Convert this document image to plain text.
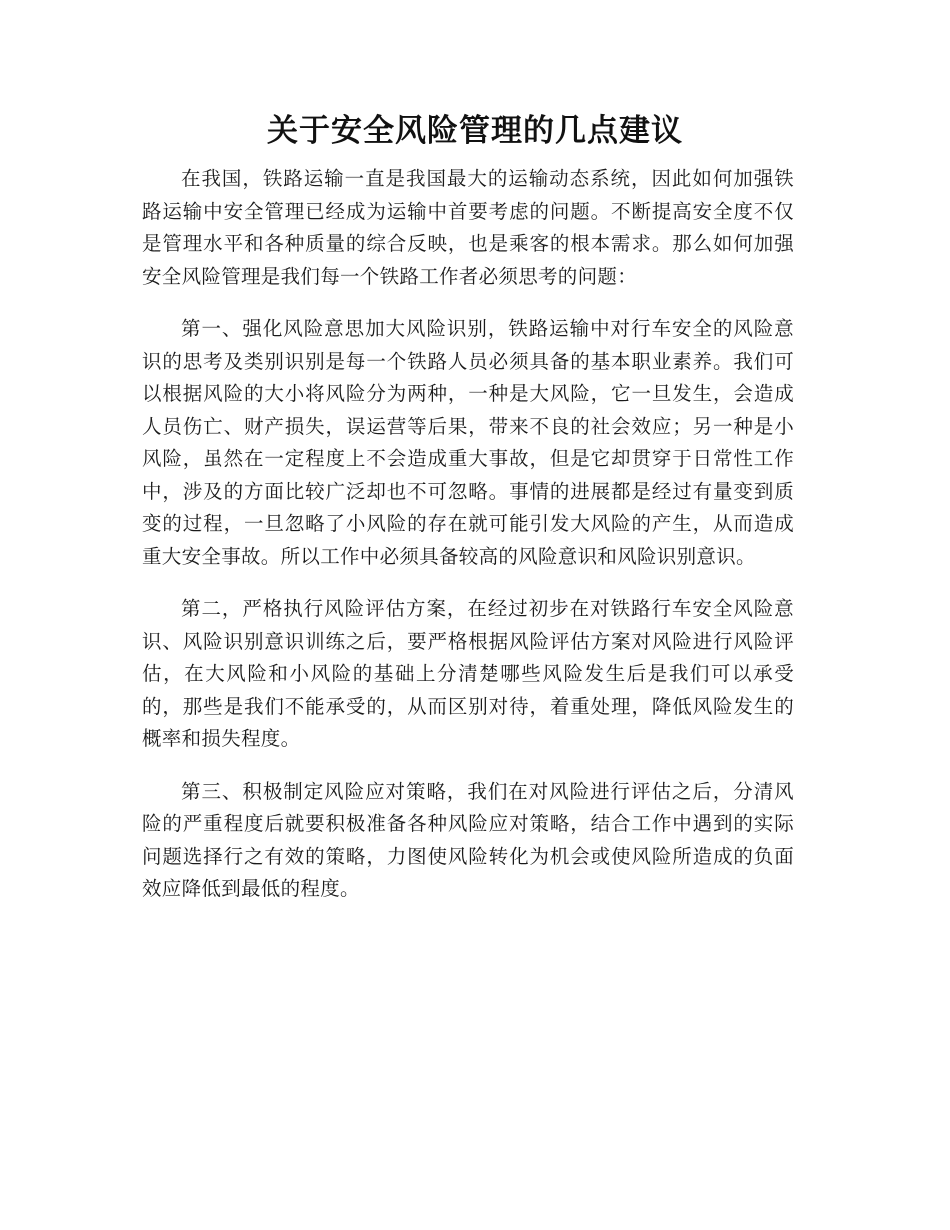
关于安全风险管理的几点建议

在我国，铁路运输一直是我国最大的运输动态系统，因此如何加强铁路运输中安全管理已经成为运输中首要考虑的问题。不断提高安全度不仅是管理水平和各种质量的综合反映，也是乘客的根本需求。那么如何加强安全风险管理是我们每一个铁路工作者必须思考的问题：

第一、强化风险意思加大风险识别，铁路运输中对行车安全的风险意识的思考及类别识别是每一个铁路人员必须具备的基本职业素养。我们可以根据风险的大小将风险分为两种，一种是大风险，它一旦发生，会造成人员伤亡、财产损失，误运营等后果，带来不良的社会效应；另一种是小风险，虽然在一定程度上不会造成重大事故，但是它却贯穿于日常性工作中，涉及的方面比较广泛却也不可忽略。事情的进展都是经过有量变到质变的过程，一旦忽略了小风险的存在就可能引发大风险的产生，从而造成重大安全事故。所以工作中必须具备较高的风险意识和风险识别意识。

第二，严格执行风险评估方案，在经过初步在对铁路行车安全风险意识、风险识别意识训练之后，要严格根据风险评估方案对风险进行风险评估，在大风险和小风险的基础上分清楚哪些风险发生后是我们可以承受的，那些是我们不能承受的，从而区别对待，着重处理，降低风险发生的概率和损失程度。

第三、积极制定风险应对策略，我们在对风险进行评估之后，分清风险的严重程度后就要积极准备各种风险应对策略，结合工作中遇到的实际问题选择行之有效的策略，力图使风险转化为机会或使风险所造成的负面效应降低到最低的程度。
